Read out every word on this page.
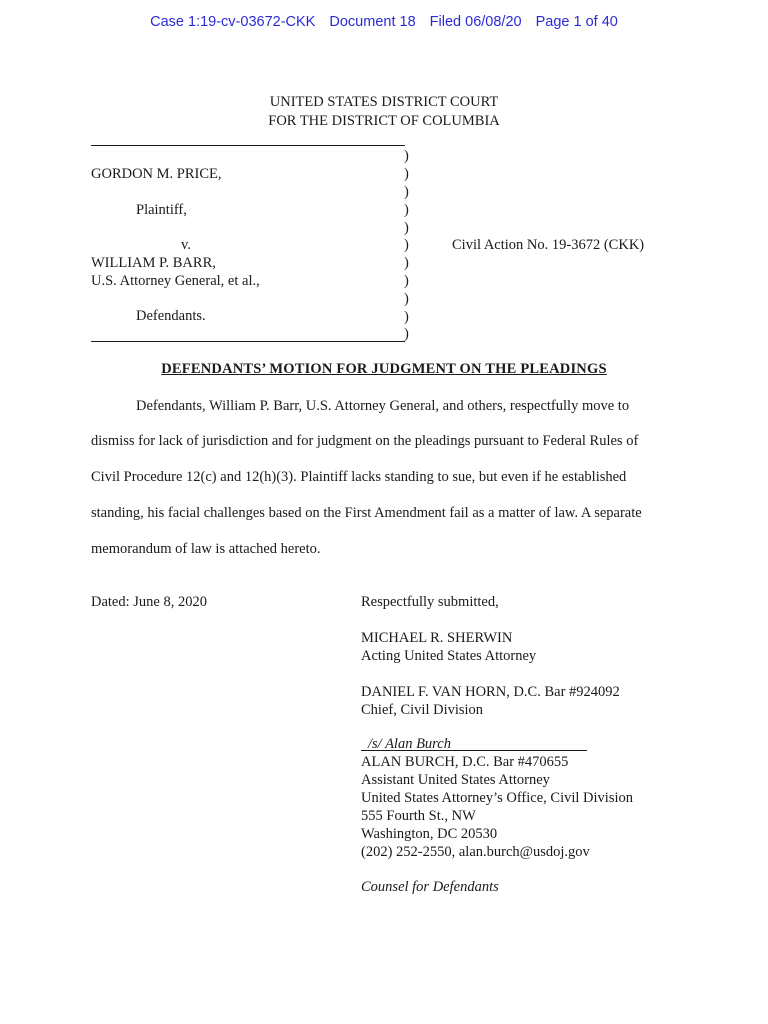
Case 1:19-cv-03672-CKK Document 18 Filed 06/08/20 Page 1 of 40
UNITED STATES DISTRICT COURT
FOR THE DISTRICT OF COLUMBIA
)
)
)
)
)
)
)
)
)
)
)
GORDON M. PRICE,
Plaintiff,
v.	Civil Action No. 19-3672 (CKK)
WILLIAM P. BARR,
U.S. Attorney General, et al.,
Defendants.
DEFENDANTS’ MOTION FOR JUDGMENT ON THE PLEADINGS
Defendants, William P. Barr, U.S. Attorney General, and others, respectfully move to
dismiss for lack of jurisdiction and for judgment on the pleadings pursuant to Federal Rules of
Civil Procedure 12(c) and 12(h)(3). Plaintiff lacks standing to sue, but even if he established
standing, his facial challenges based on the First Amendment fail as a matter of law. A separate
memorandum of law is attached hereto.
Dated: June 8, 2020	Respectfully submitted,
MICHAEL R. SHERWIN
Acting United States Attorney
DANIEL F. VAN HORN, D.C. Bar #924092
Chief, Civil Division
/s/ Alan Burch
ALAN BURCH, D.C. Bar #470655
Assistant United States Attorney
United States Attorney’s Office, Civil Division
555 Fourth St., NW
Washington, DC 20530
(202) 252-2550, alan.burch@usdoj.gov
Counsel for Defendants
